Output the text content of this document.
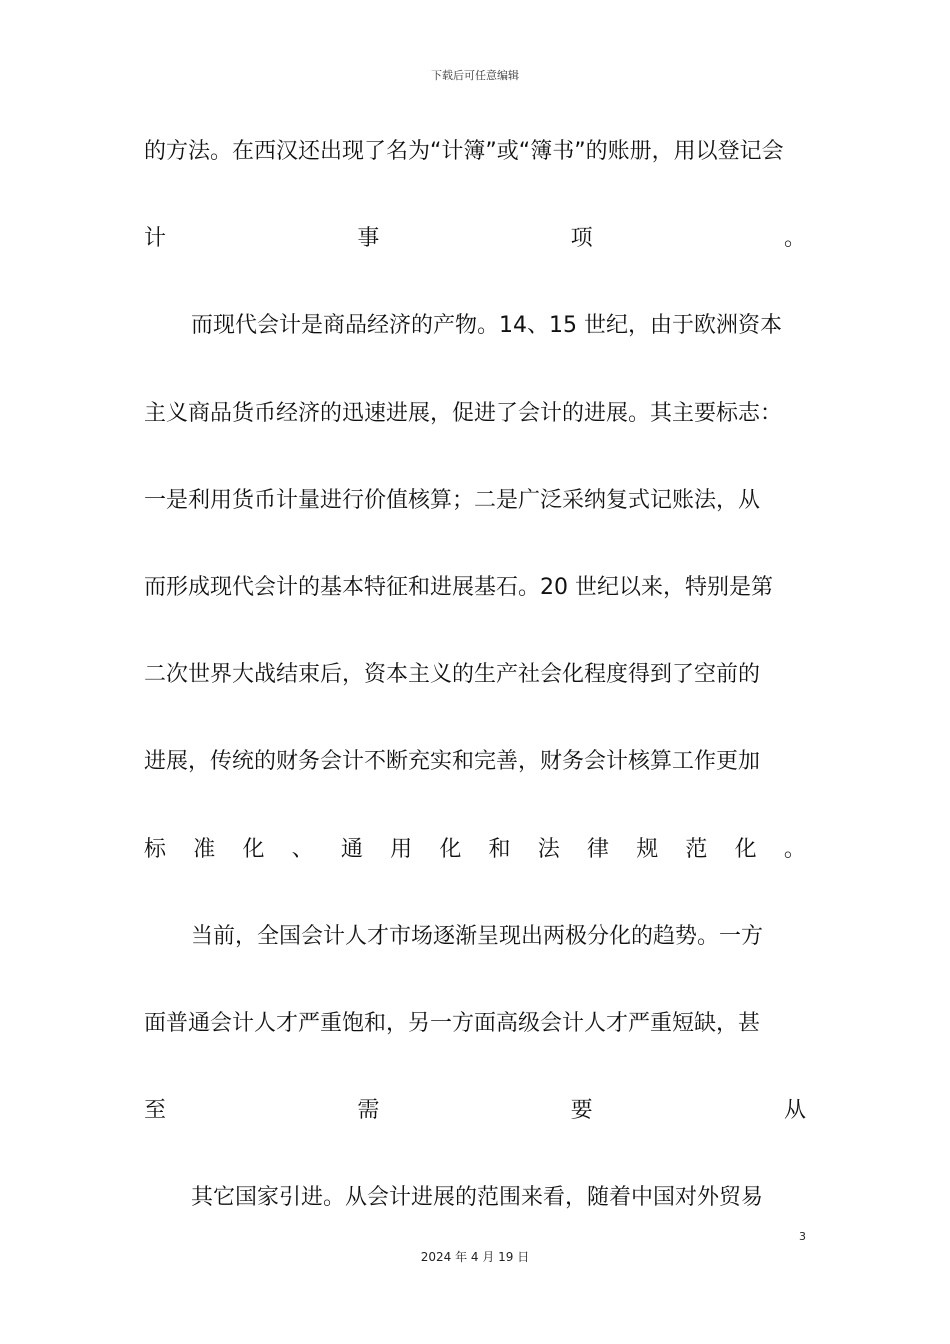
下载后可任意编辑
的方法。在西汉还出现了名为“计簿”或“簿书”的账册，用以登记会
计	事	项	。
而现代会计是商品经济的产物。14、15 世纪，由于欧洲资本
主义商品货币经济的迅速进展，促进了会计的进展。其主要标志：
一是利用货币计量进行价值核算；二是广泛采纳复式记账法，从
而形成现代会计的基本特征和进展基石。20 世纪以来，特别是第
二次世界大战结束后，资本主义的生产社会化程度得到了空前的
进展，传统的财务会计不断充实和完善，财务会计核算工作更加
标 准 化 、 通 用 化 和 法 律 规 范 化 。
当前，全国会计人才市场逐渐呈现出两极分化的趋势。一方
面普通会计人才严重饱和，另一方面高级会计人才严重短缺，甚
至	需	要	从
其它国家引进。从会计进展的范围来看，随着中国对外贸易
3
2024 年 4 月 19 日
